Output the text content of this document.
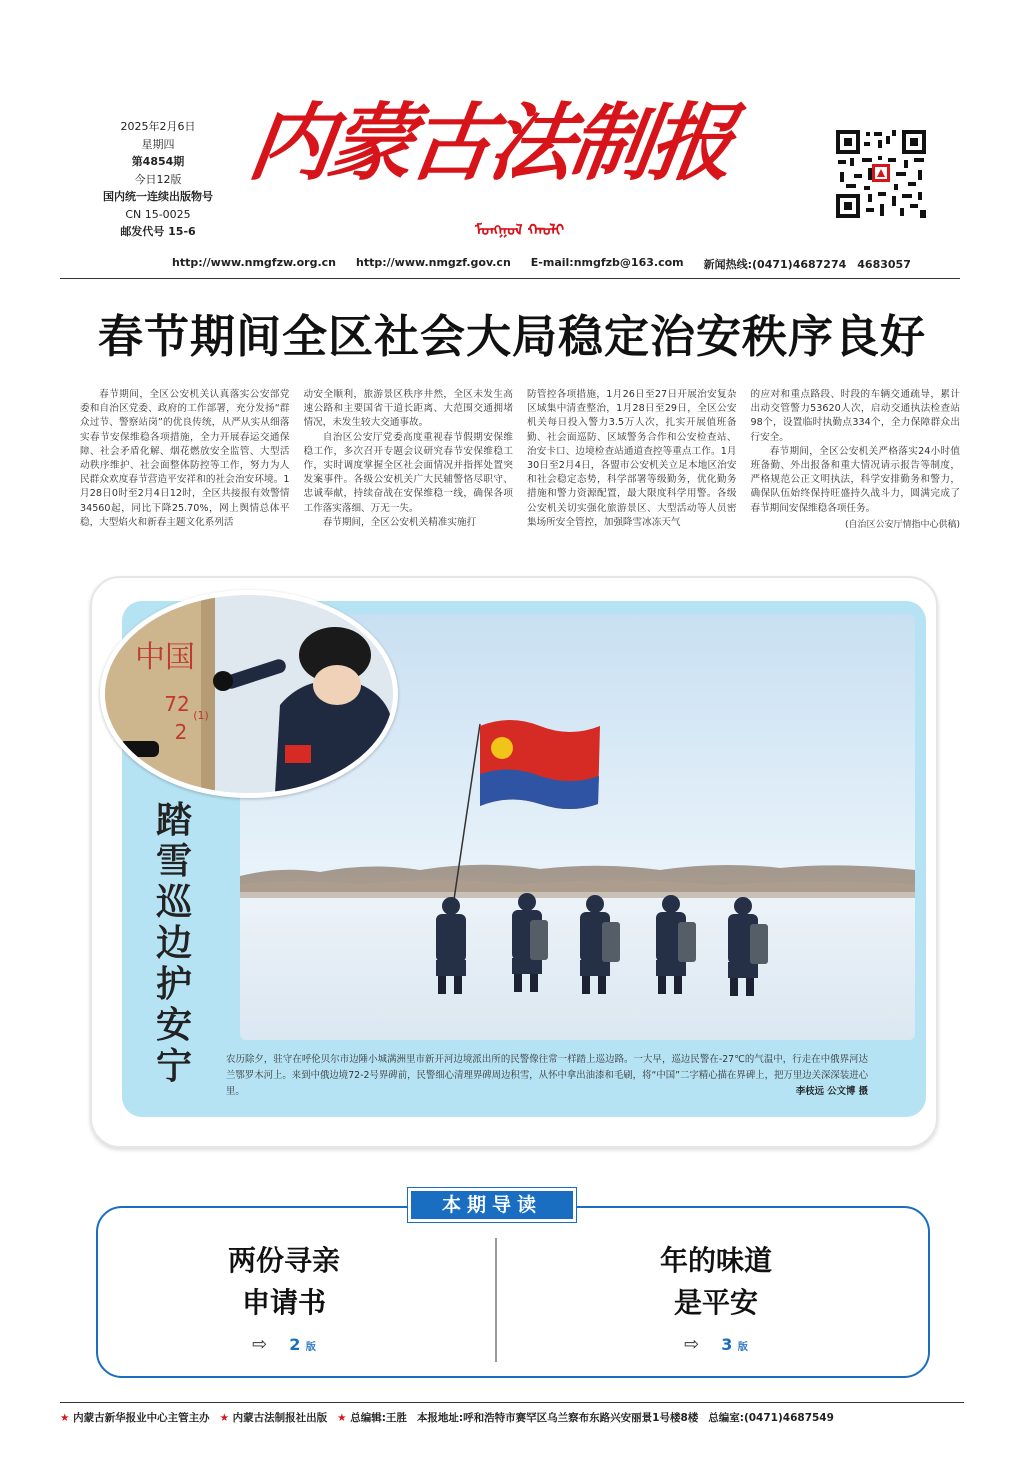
2025年2月6日
星期四
第4854期
今日12版
国内统一连续出版物号
CN 15-0025
邮发代号 15-6
内蒙古法制报
ᠮᠣᠩᠭᠣᠯ ᠬᠠᠤᠯᠢ
http://www.nmgfzw.org.cn http://www.nmgzf.gov.cn E-mail:nmgfzb@163.com 新闻热线:(0471)4687274　4683057
春节期间全区社会大局稳定治安秩序良好

春节期间，全区公安机关认真落实公安部党委和自治区党委、政府的工作部署，充分发扬“群众过节、警察站岗”的优良传统，从严从实从细落实春节安保维稳各项措施，全力开展春运交通保障、社会矛盾化解、烟花燃放安全监管、大型活动秩序维护、社会面整体防控等工作，努力为人民群众欢度春节营造平安祥和的社会治安环境。1月28日0时至2月4日12时，全区共接报有效警情34560起，同比下降25.70%，网上舆情总体平稳，大型焰火和新春主题文化系列活

动安全顺利，旅游景区秩序井然，全区未发生高速公路和主要国省干道长距离、大范围交通拥堵情况，未发生较大交通事故。

自治区公安厅党委高度重视春节假期安保维稳工作，多次召开专题会议研究春节安保维稳工作，实时调度掌握全区社会面情况并指挥处置突发案事件。各级公安机关广大民辅警恪尽职守、忠诚奉献，持续奋战在安保维稳一线，确保各项工作落实落细、万无一失。

春节期间，全区公安机关精准实施打

防管控各项措施，1月26日至27日开展治安复杂区域集中清查整治，1月28日至29日，全区公安机关每日投入警力3.5万人次，扎实开展值班备勤、社会面巡防、区域警务合作和公安检查站、治安卡口、边境检查站通道查控等重点工作。1月30日至2月4日，各盟市公安机关立足本地区治安和社会稳定态势，科学部署等级勤务，优化勤务措施和警力资源配置，最大限度科学用警。各级公安机关切实强化旅游景区、大型活动等人员密集场所安全管控，加强降雪冰冻天气

的应对和重点路段、时段的车辆交通疏导，累计出动交管警力53620人次，启动交通执法检查站98个，设置临时执勤点334个，全力保障群众出行安全。

春节期间，全区公安机关严格落实24小时值班备勤、外出报备和重大情况请示报告等制度，严格规范公正文明执法，科学安排勤务和警力，确保队伍始终保持旺盛持久战斗力，圆满完成了春节期间安保维稳各项任务。

(自治区公安厅情指中心供稿)
中国
72 (1)
2
踏
雪
巡
边
护
安
宁	农历除夕，驻守在呼伦贝尔市边陲小城满洲里市新开河边境派出所的民警像往常一样踏上巡边路。一大早，巡边民警在-27℃的气温中，行走在中俄界河达兰鄂罗木河上。来到中俄边境72-2号界碑前，民警细心清理界碑周边积雪，从怀中拿出油漆和毛刷，将“中国”二字精心描在界碑上，把万里边关深深装进心里。	李枝远 公文博 摄
本期导读
两份寻亲
申请书
⇨ 2 版
年的味道
是平安
⇨ 3 版
★ 内蒙古新华报业中心主管主办 ★ 内蒙古法制报社出版 ★ 总编辑:王胜 本报地址:呼和浩特市赛罕区乌兰察布东路兴安丽景1号楼8楼 总编室:(0471)4687549
